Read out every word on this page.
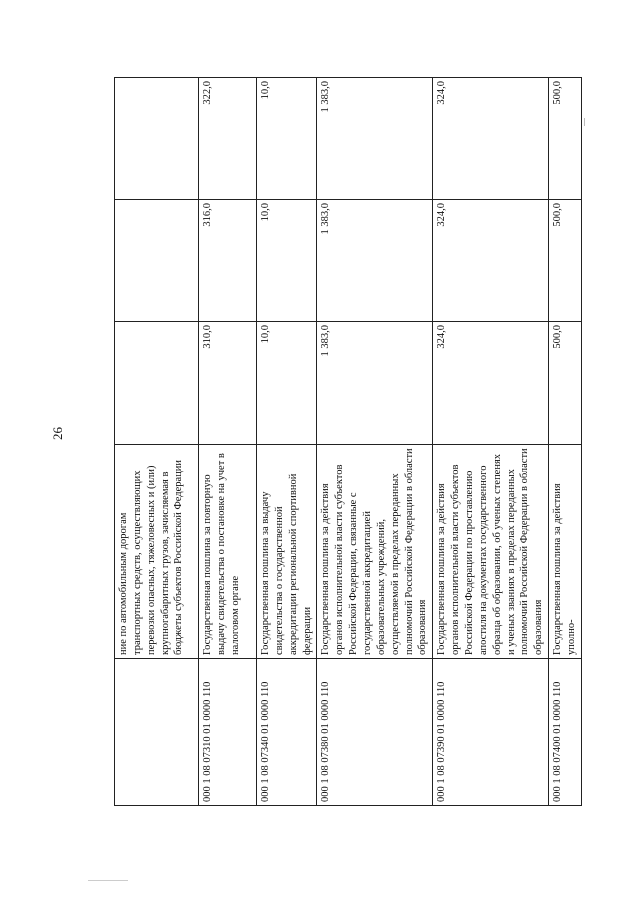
26
	ние по автомобильным дорогам транспортных средств, осуществляющих перевозки опасных, тяжеловесных и (или) крупногабаритных грузов, зачисляемая в бюджеты субъектов Российской Федерации			
000 1 08 07310 01 0000 110	Государственная пошлина за повторную выдачу свидетельства о постановке на учет в налоговом органе	310,0	316,0	322,0
000 1 08 07340 01 0000 110	Государственная пошлина за выдачу свидетельства о государственной аккредитации региональной спортивной федерации	10,0	10,0	10,0
000 1 08 07380 01 0000 110	Государственная пошлина за действия органов исполнительной власти субъектов Российской Федерации, связанные с государственной аккредитацией образовательных учреждений, осуществляемой в пределах переданных полномочий Российской Федерации в области образования	1 383,0	1 383,0	1 383,0
000 1 08 07390 01 0000 110	Государственная пошлина за действия органов исполнительной власти субъектов Российской Федерации по проставлению апостиля на документах государственного образца об образовании, об ученых степенях и ученых званиях в пределах переданных полномочий Российской Федерации в области образования	324,0	324,0	324,0
000 1 08 07400 01 0000 110	Государственная пошлина за действия уполно-	500,0	500,0	500,0
